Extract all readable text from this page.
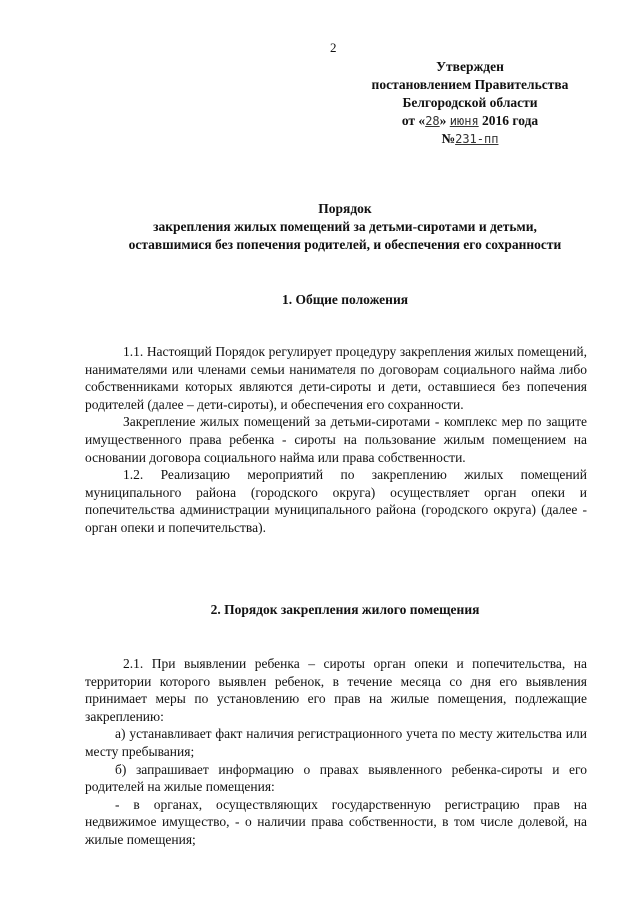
2
Утвержден
постановлением Правительства
Белгородской области
от «28» июня 2016 года
№231-пп
Порядок
закрепления жилых помещений за детьми-сиротами и детьми,
оставшимися без попечения родителей, и обеспечения его сохранности
1. Общие положения

1.1. Настоящий Порядок регулирует процедуру закрепления жилых помещений, нанимателями или членами семьи нанимателя по договорам социального найма либо собственниками которых являются дети-сироты и дети, оставшиеся без попечения родителей (далее – дети-сироты), и обеспечения его сохранности.

Закрепление жилых помещений за детьми-сиротами - комплекс мер по защите имущественного права ребенка - сироты на пользование жилым помещением на основании договора социального найма или права собственности.

1.2. Реализацию мероприятий по закреплению жилых помещений муниципального района (городского округа) осуществляет орган опеки и попечительства администрации муниципального района (городского округа) (далее - орган опеки и попечительства).

2. Порядок закрепления жилого помещения

2.1. При выявлении ребенка – сироты орган опеки и попечительства, на территории которого выявлен ребенок, в течение месяца со дня его выявления принимает меры по установлению его прав на жилые помещения, подлежащие закреплению:

а) устанавливает факт наличия регистрационного учета по месту жительства или месту пребывания;

б) запрашивает информацию о правах выявленного ребенка-сироты и его родителей на жилые помещения:

- в органах, осуществляющих государственную регистрацию прав на недвижимое имущество, - о наличии права собственности, в том числе долевой, на жилые помещения;
